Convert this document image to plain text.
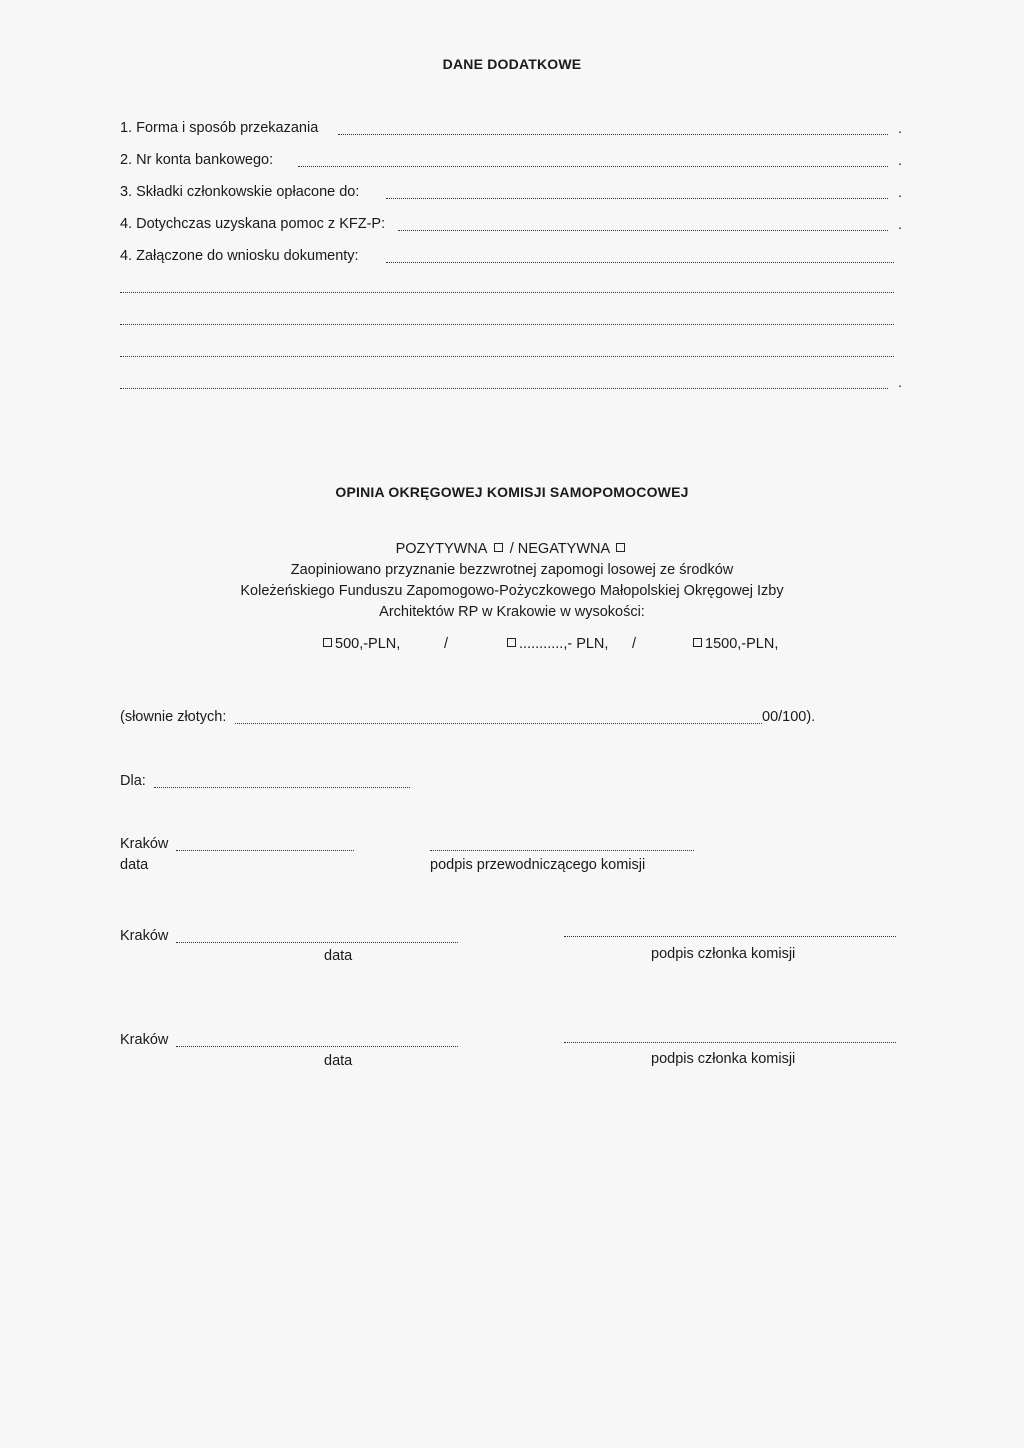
DANE DODATKOWE
1. Forma i sposób przekazania	.
2. Nr konta bankowego:	.
3. Składki członkowskie opłacone do:	.
4. Dotychczas uzyskana pomoc z KFZ-P:	.
4. Załączone do wniosku dokumenty:
.
OPINIA OKRĘGOWEJ KOMISJI SAMOPOMOCOWEJ
POZYTYWNA / NEGATYWNA
Zaopiniowano przyznanie bezzwrotnej zapomogi losowej ze środków
Koleżeńskiego Funduszu Zapomogowo-Pożyczkowego Małopolskiej Okręgowej Izby
Architektów RP w Krakowie w wysokości:
500,-PLN,	/	...........,- PLN, /	1500,-PLN,
(słownie złotych:	00/100).
Dla:
Kraków
data	podpis przewodniczącego komisji
Kraków
data	podpis członka komisji
Kraków
data	podpis członka komisji
